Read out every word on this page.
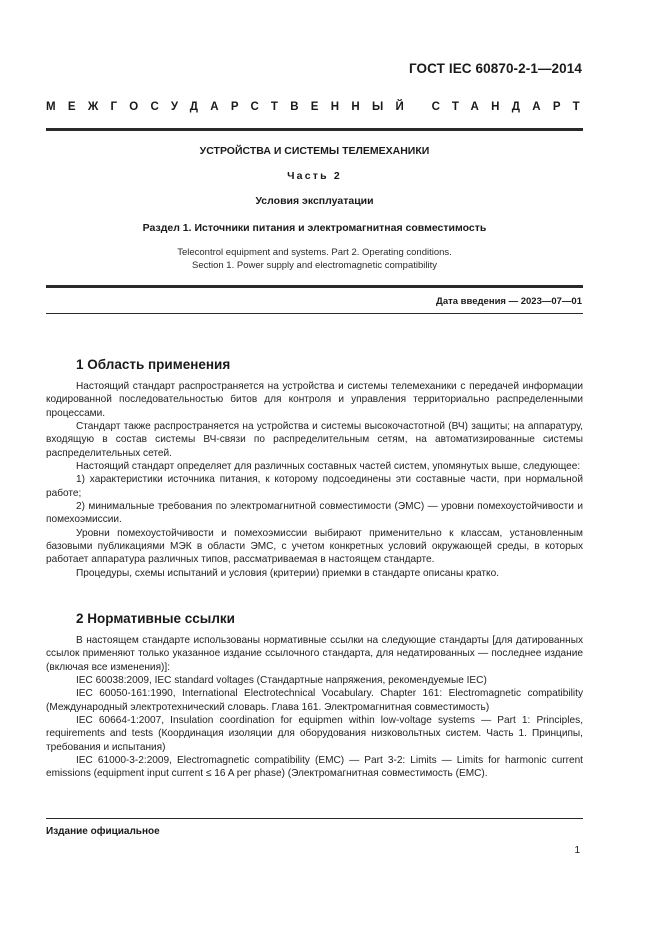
ГОСТ IEC 60870-2-1—2014
МЕЖГОСУДАРСТВЕННЫЙ СТАНДАРТ
УСТРОЙСТВА И СИСТЕМЫ ТЕЛЕМЕХАНИКИ
Часть 2
Условия эксплуатации
Раздел 1. Источники питания и электромагнитная совместимость
Telecontrol equipment and systems. Part 2. Operating conditions.
Section 1. Power supply and electromagnetic compatibility
Дата введения — 2023—07—01
1 Область применения

Настоящий стандарт распространяется на устройства и системы телемеханики с передачей информации кодированной последовательностью битов для контроля и управления территориально распределенными процессами.

Стандарт также распространяется на устройства и системы высокочастотной (ВЧ) защиты; на аппаратуру, входящую в состав системы ВЧ-связи по распределительным сетям, на автоматизированные системы распределительных сетей.

Настоящий стандарт определяет для различных составных частей систем, упомянутых выше, следующее:

1) характеристики источника питания, к которому подсоединены эти составные части, при нормальной работе;

2) минимальные требования по электромагнитной совместимости (ЭМС) — уровни помехоустойчивости и помехоэмиссии.

Уровни помехоустойчивости и помехоэмиссии выбирают применительно к классам, установленным базовыми публикациями МЭК в области ЭМС, с учетом конкретных условий окружающей среды, в которых работает аппаратура различных типов, рассматриваемая в настоящем стандарте.

Процедуры, схемы испытаний и условия (критерии) приемки в стандарте описаны кратко.

2 Нормативные ссылки

В настоящем стандарте использованы нормативные ссылки на следующие стандарты [для датированных ссылок применяют только указанное издание ссылочного стандарта, для недатированных — последнее издание (включая все изменения)]:

IEC 60038:2009, IEC standard voltages (Стандартные напряжения, рекомендуемые IEC)

IEC 60050-161:1990, International Electrotechnical Vocabulary. Chapter 161: Electromagnetic compatibility (Международный электротехнический словарь. Глава 161. Электромагнитная совместимость)

IEC 60664-1:2007, Insulation coordination for equipmen within low-voltage systems — Part 1: Principles, requirements and tests (Координация изоляции для оборудования низковольтных систем. Часть 1. Принципы, требования и испытания)

IEC 61000-3-2:2009, Electromagnetic compatibility (EMC) — Part 3-2: Limits — Limits for harmonic current emissions (equipment input current ≤ 16 A per phase) (Электромагнитная совместимость (ЕМС).

Издание официальное
1
